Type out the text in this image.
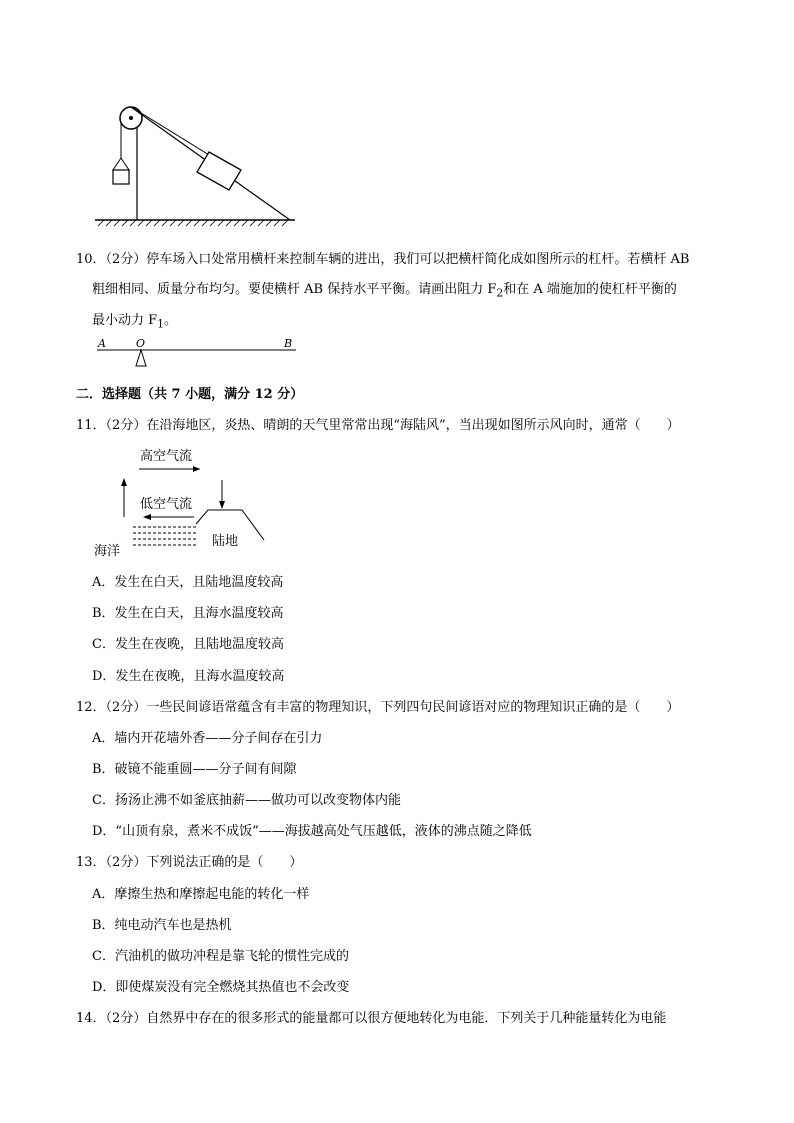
10．（2分）停车场入口处常用横杆来控制车辆的进出，我们可以把横杆简化成如图所示的杠杆。若横杆 AB
粗细相同、质量分布均匀。要使横杆 AB 保持水平平衡。请画出阻力 $F_2$和在 A 端施加的使杠杆平衡的
最小动力 $F_1$。
A	O	B
二．选择题（共 7 小题，满分 12 分）
11．（2分）在沿海地区，炎热、晴朗的天气里常常出现“海陆风”，当出现如图所示风向时，通常（　　）
高空气流
低空气流
海洋
陆地
A．发生在白天，且陆地温度较高
B．发生在白天，且海水温度较高
C．发生在夜晚，且陆地温度较高
D．发生在夜晚，且海水温度较高
12．（2分）一些民间谚语常蕴含有丰富的物理知识，下列四句民间谚语对应的物理知识正确的是（　　）
A．墙内开花墙外香——分子间存在引力
B．破镜不能重圆——分子间有间隙
C．扬汤止沸不如釜底抽薪——做功可以改变物体内能
D．“山顶有泉，煮米不成饭”——海拔越高处气压越低，液体的沸点随之降低
13．（2分）下列说法正确的是（　　）
A．摩擦生热和摩擦起电能的转化一样
B．纯电动汽车也是热机
C．汽油机的做功冲程是靠飞轮的惯性完成的
D．即使煤炭没有完全燃烧其热值也不会改变
14．（2分）自然界中存在的很多形式的能量都可以很方便地转化为电能．下列关于几种能量转化为电能
